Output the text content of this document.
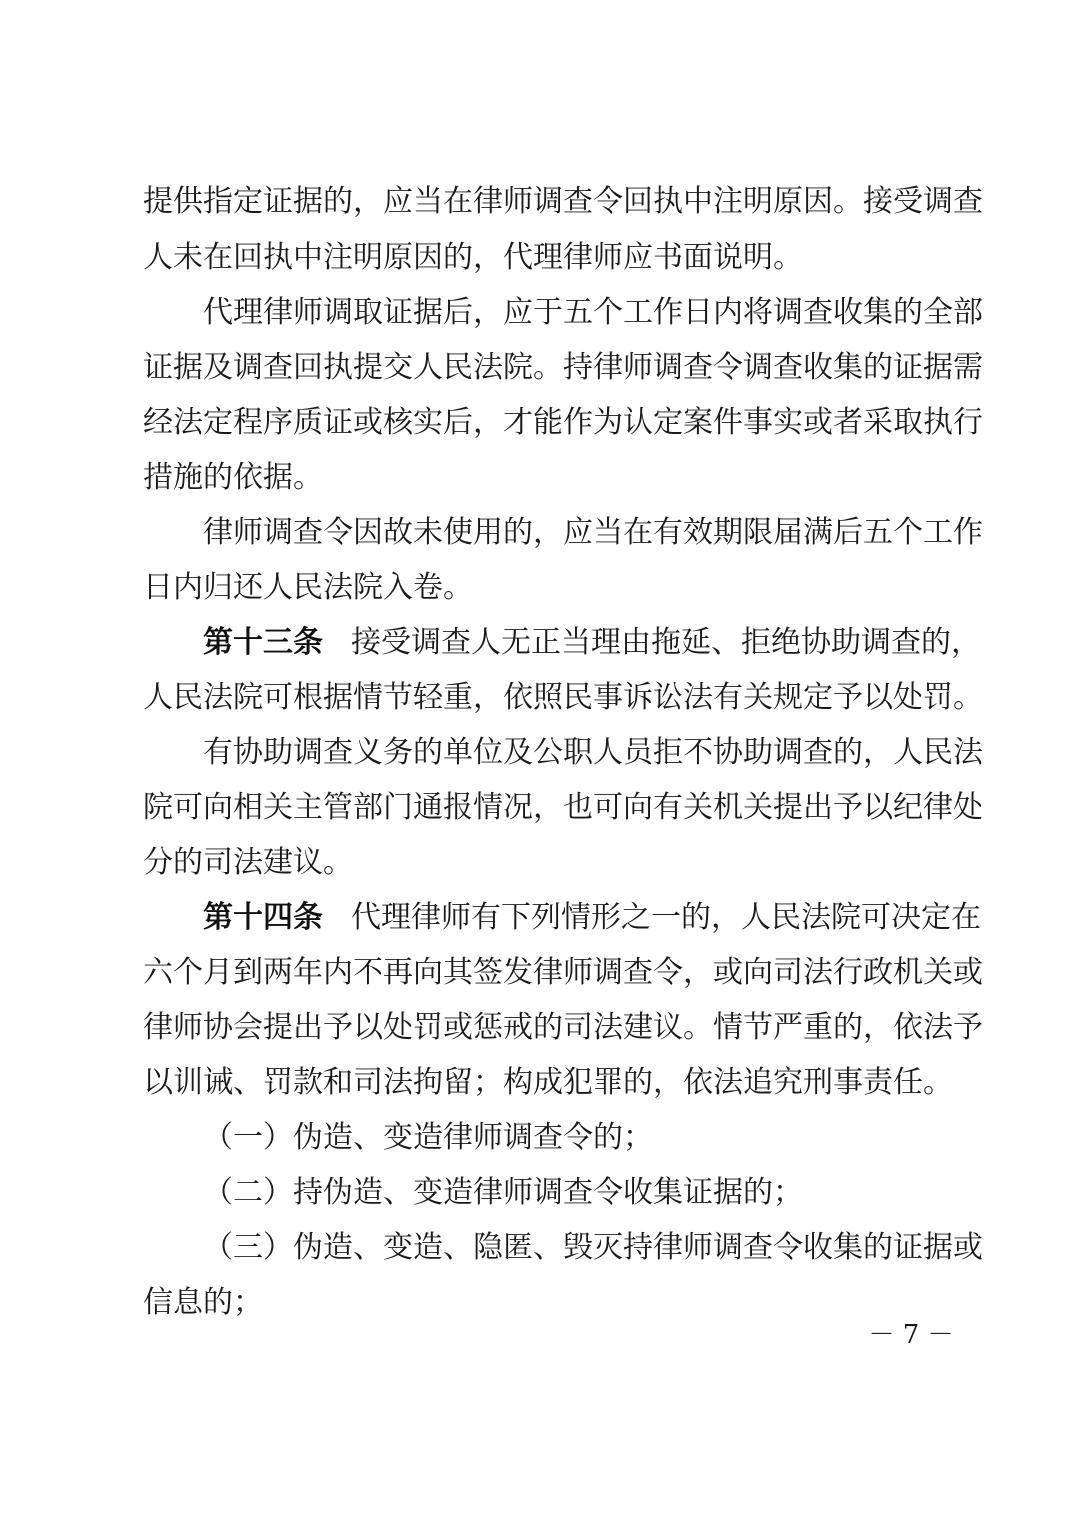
提供指定证据的，应当在律师调查令回执中注明原因。接受调查
人未在回执中注明原因的，代理律师应书面说明。
代理律师调取证据后，应于五个工作日内将调查收集的全部
证据及调查回执提交人民法院。持律师调查令调查收集的证据需
经法定程序质证或核实后，才能作为认定案件事实或者采取执行
措施的依据。
律师调查令因故未使用的，应当在有效期限届满后五个工作
日内归还人民法院入卷。
第十三条 接受调查人无正当理由拖延、拒绝协助调查的，
人民法院可根据情节轻重，依照民事诉讼法有关规定予以处罚。
有协助调查义务的单位及公职人员拒不协助调查的，人民法
院可向相关主管部门通报情况，也可向有关机关提出予以纪律处
分的司法建议。
第十四条 代理律师有下列情形之一的，人民法院可决定在
六个月到两年内不再向其签发律师调查令，或向司法行政机关或
律师协会提出予以处罚或惩戒的司法建议。情节严重的，依法予
以训诫、罚款和司法拘留；构成犯罪的，依法追究刑事责任。
（一）伪造、变造律师调查令的；
（二）持伪造、变造律师调查令收集证据的；
（三）伪造、变造、隐匿、毁灭持律师调查令收集的证据或
信息的；
－ 7 －
